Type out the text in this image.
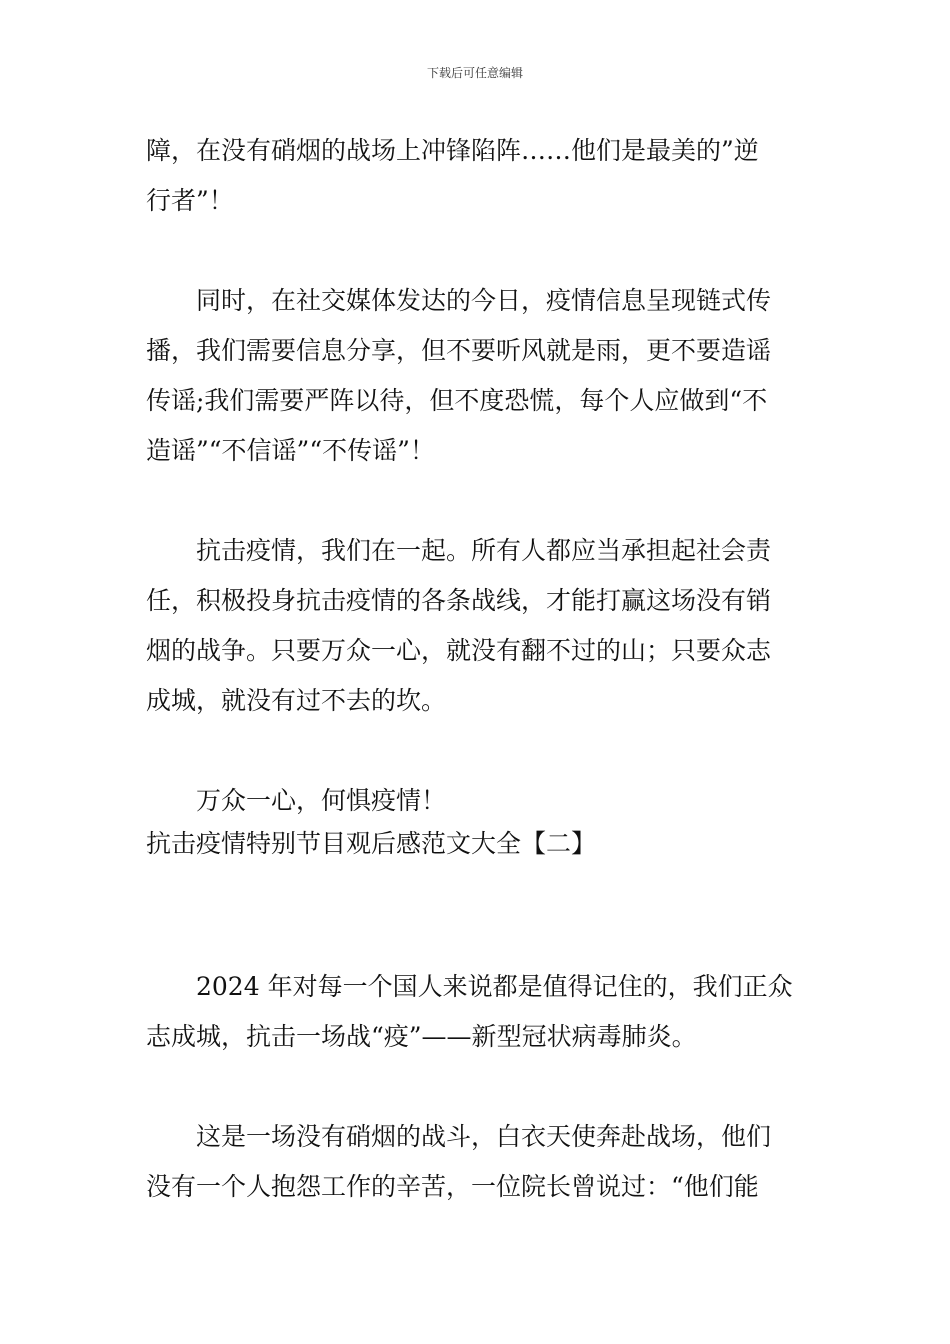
下载后可任意编辑
障，在没有硝烟的战场上冲锋陷阵……他们是最美的”逆
行者”！
同时，在社交媒体发达的今日，疫情信息呈现链式传
播，我们需要信息分享，但不要听风就是雨，更不要造谣
传谣;我们需要严阵以待，但不度恐慌，每个人应做到“不
造谣”“不信谣”“不传谣”！
抗击疫情，我们在一起。所有人都应当承担起社会责
任，积极投身抗击疫情的各条战线，才能打赢这场没有销
烟的战争。只要万众一心，就没有翻不过的山；只要众志
成城，就没有过不去的坎。
万众一心，何惧疫情！
抗击疫情特别节目观后感范文大全【二】
2024 年对每一个国人来说都是值得记住的，我们正众
志成城，抗击一场战“疫”——新型冠状病毒肺炎。
这是一场没有硝烟的战斗，白衣天使奔赴战场，他们
没有一个人抱怨工作的辛苦，一位院长曾说过：“他们能
